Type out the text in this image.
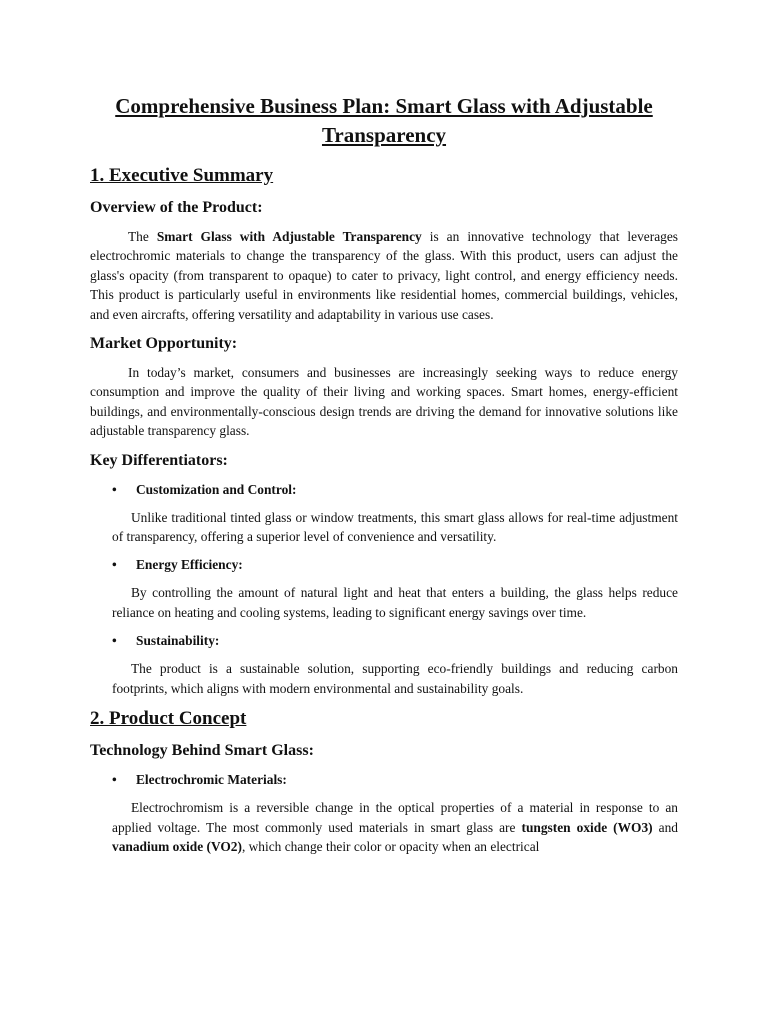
Comprehensive Business Plan: Smart Glass with Adjustable Transparency
1. Executive Summary
Overview of the Product:
The Smart Glass with Adjustable Transparency is an innovative technology that leverages electrochromic materials to change the transparency of the glass. With this product, users can adjust the glass's opacity (from transparent to opaque) to cater to privacy, light control, and energy efficiency needs. This product is particularly useful in environments like residential homes, commercial buildings, vehicles, and even aircrafts, offering versatility and adaptability in various use cases.
Market Opportunity:
In today’s market, consumers and businesses are increasingly seeking ways to reduce energy consumption and improve the quality of their living and working spaces. Smart homes, energy-efficient buildings, and environmentally-conscious design trends are driving the demand for innovative solutions like adjustable transparency glass.
Key Differentiators:
• Customization and Control:
Unlike traditional tinted glass or window treatments, this smart glass allows for real-time adjustment of transparency, offering a superior level of convenience and versatility.
• Energy Efficiency:
By controlling the amount of natural light and heat that enters a building, the glass helps reduce reliance on heating and cooling systems, leading to significant energy savings over time.
• Sustainability:
The product is a sustainable solution, supporting eco-friendly buildings and reducing carbon footprints, which aligns with modern environmental and sustainability goals.
2. Product Concept
Technology Behind Smart Glass:
• Electrochromic Materials:
Electrochromism is a reversible change in the optical properties of a material in response to an applied voltage. The most commonly used materials in smart glass are tungsten oxide (WO3) and vanadium oxide (VO2), which change their color or opacity when an electrical
